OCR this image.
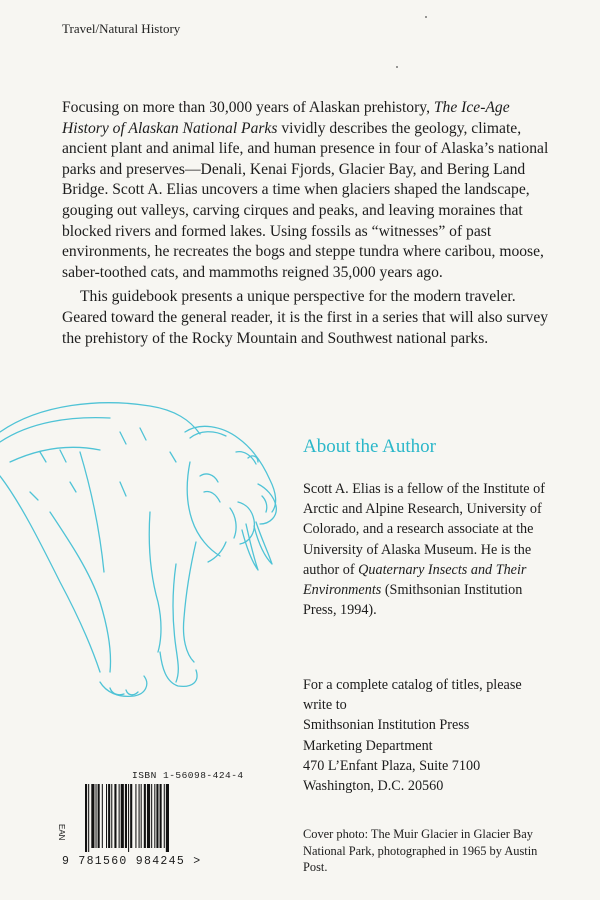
Travel/Natural History

Focusing on more than 30,000 years of Alaskan prehistory, The Ice-Age History of Alaskan National Parks vividly describes the geology, climate, ancient plant and animal life, and human presence in four of Alaska’s national parks and preserves—Denali, Kenai Fjords, Glacier Bay, and Bering Land Bridge. Scott A. Elias uncovers a time when glaciers shaped the landscape, gouging out valleys, carving cirques and peaks, and leaving moraines that blocked rivers and formed lakes. Using fossils as “witnesses” of past environments, he recreates the bogs and steppe tundra where caribou, moose, saber-toothed cats, and mammoths reigned 35,000 years ago.

This guidebook presents a unique perspective for the modern traveler. Geared toward the general reader, it is the first in a series that will also survey the prehistory of the Rocky Mountain and Southwest national parks.

About the Author
Scott A. Elias is a fellow of the Institute of Arctic and Alpine Research, University of Colorado, and a research associate at the University of Alaska Museum. He is the author of Quaternary Insects and Their Environments (Smithsonian Institution Press, 1994).
For a complete catalog of titles, please write to
Smithsonian Institution Press
Marketing Department
470 L’Enfant Plaza, Suite 7100
Washington, D.C. 20560
Cover photo: The Muir Glacier in Glacier Bay National Park, photographed in 1965 by Austin Post.
ISBN 1-56098-424-4
EAN
9 781560 984245 >
